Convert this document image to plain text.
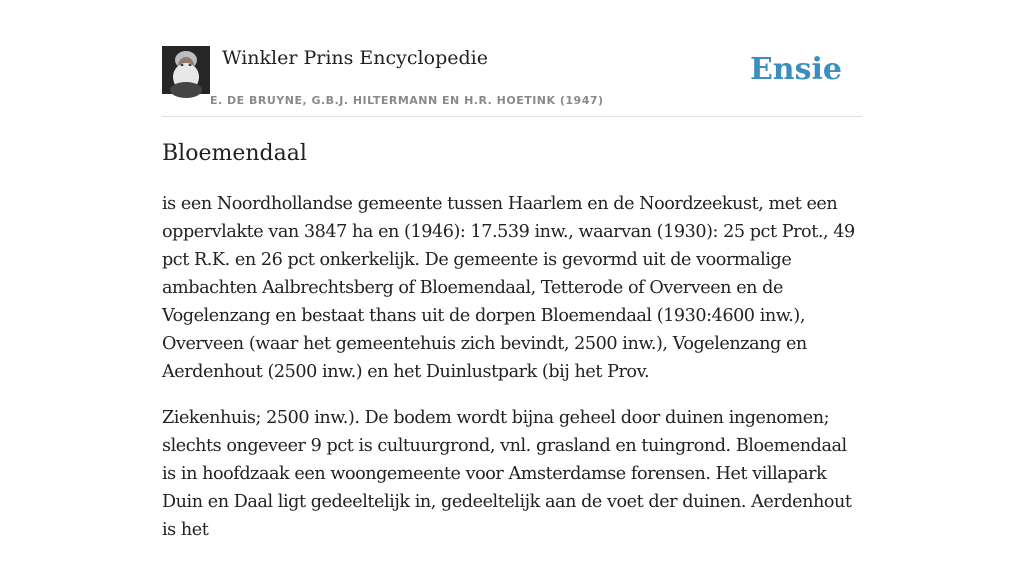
Winkler Prins Encyclopedie
E. DE BRUYNE, G.B.J. HILTERMANN EN H.R. HOETINK (1947)
Ensie
Bloemendaal

is een Noordhollandse gemeente tussen Haarlem en de Noordzeekust, met een oppervlakte van 3847 ha en (1946): 17.539 inw., waarvan (1930): 25 pct Prot., 49 pct R.K. en 26 pct onkerkelijk. De gemeente is gevormd uit de voormalige ambachten Aalbrechtsberg of Bloemendaal, Tetterode of Overveen en de Vogelenzang en bestaat thans uit de dorpen Bloemendaal (1930:4600 inw.), Overveen (waar het gemeentehuis zich bevindt, 2500 inw.), Vogelenzang en Aerdenhout (2500 inw.) en het Duinlustpark (bij het Prov.

Ziekenhuis; 2500 inw.). De bodem wordt bijna geheel door duinen ingenomen; slechts ongeveer 9 pct is cultuurgrond, vnl. grasland en tuingrond. Bloemendaal is in hoofdzaak een woongemeente voor Amsterdamse forensen. Het villapark Duin en Daal ligt gedeeltelijk in, gedeeltelijk aan de voet der duinen. Aerdenhout is het
